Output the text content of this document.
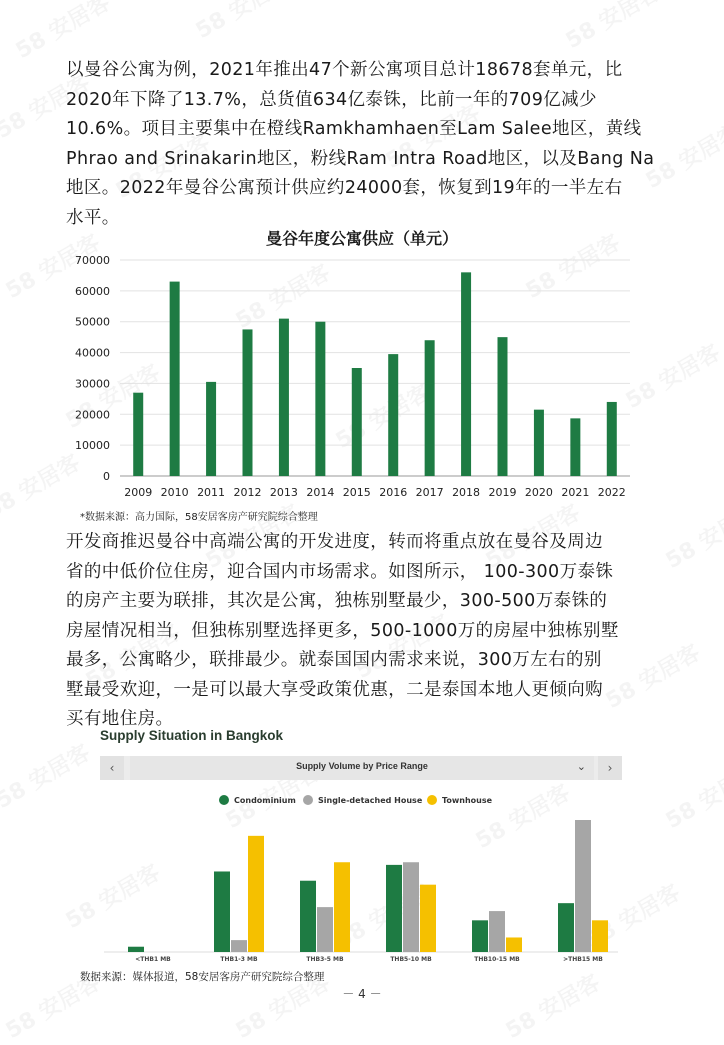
以曼谷公寓为例，2021年推出47个新公寓项目总计18678套单元，比
2020年下降了13.7%，总货值634亿泰铢，比前一年的709亿减少
10.6%。项目主要集中在橙线Ramkhamhaen至Lam Salee地区，黄线
Phrao and Srinakarin地区，粉线Ram Intra Road地区，以及Bang Na
地区。2022年曼谷公寓预计供应约24000套，恢复到19年的一半左右
水平。

曼谷年度公寓供应（单元）

0
10000
20000
30000
40000
50000
60000
70000
2009 2010 2011 2012 2013 2014 2015 2016 2017 2018 2019 2020 2021 2022

*数据来源：高力国际，58安居客房产研究院综合整理

开发商推迟曼谷中高端公寓的开发进度，转而将重点放在曼谷及周边
省的中低价位住房，迎合国内市场需求。如图所示， 100-300万泰铢
的房产主要为联排，其次是公寓，独栋别墅最少，300-500万泰铢的
房屋情况相当，但独栋别墅选择更多，500-1000万的房屋中独栋别墅
最多，公寓略少，联排最少。就泰国国内需求来说，300万左右的别
墅最受欢迎，一是可以最大享受政策优惠，二是泰国本地人更倾向购
买有地住房。

Supply Situation in Bangkok

‹	Supply Volume by Price Range	⌄	›
Condominium	Single-detached House Townhouse
<THB1 MB	THB1-3 MB	THB3-5 MB	THB5-10 MB	THB10-15 MB	>THB15 MB

数据来源：媒体报道，58安居客房产研究院综合整理

－ 4 －
